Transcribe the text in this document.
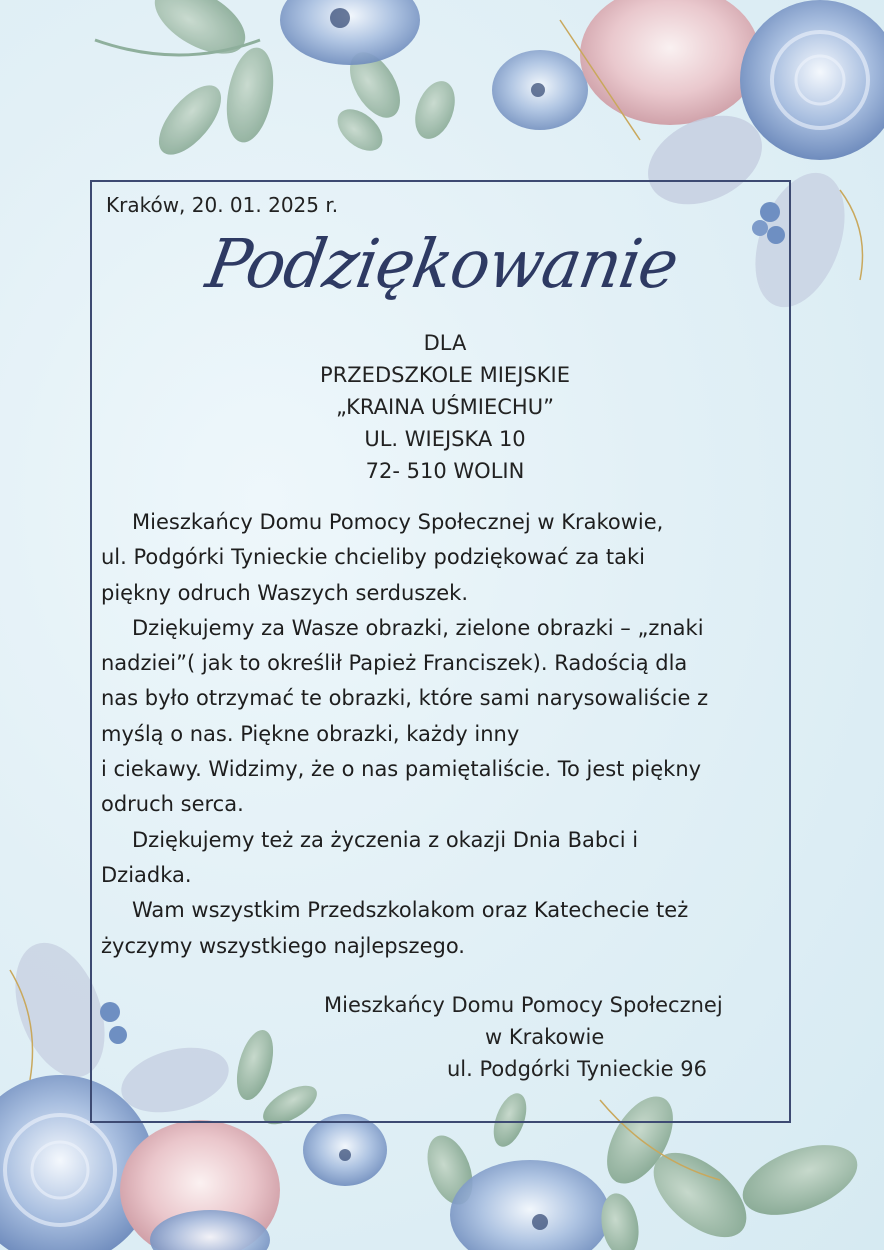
Kraków, 20. 01. 2025 r.
Podziękowanie
DLA
PRZEDSZKOLE MIEJSKIE
„KRAINA UŚMIECHU”
UL. WIEJSKA 10
72- 510 WOLIN
Mieszkańcy Domu Pomocy Społecznej w Krakowie,
ul. Podgórki Tynieckie chcieliby podziękować za taki
piękny odruch Waszych serduszek.
Dziękujemy za Wasze obrazki, zielone obrazki – „znaki
nadziei”( jak to określił Papież Franciszek). Radością dla
nas było otrzymać te obrazki, które sami narysowaliście z
myślą o nas. Piękne obrazki, każdy inny
i ciekawy. Widzimy, że o nas pamiętaliście. To jest piękny
odruch serca.
Dziękujemy też za życzenia z okazji Dnia Babci i
Dziadka.
Wam wszystkim Przedszkolakom oraz Katechecie też
życzymy wszystkiego najlepszego.
Mieszkańcy Domu Pomocy Społecznej
w Krakowie
ul. Podgórki Tynieckie 96
